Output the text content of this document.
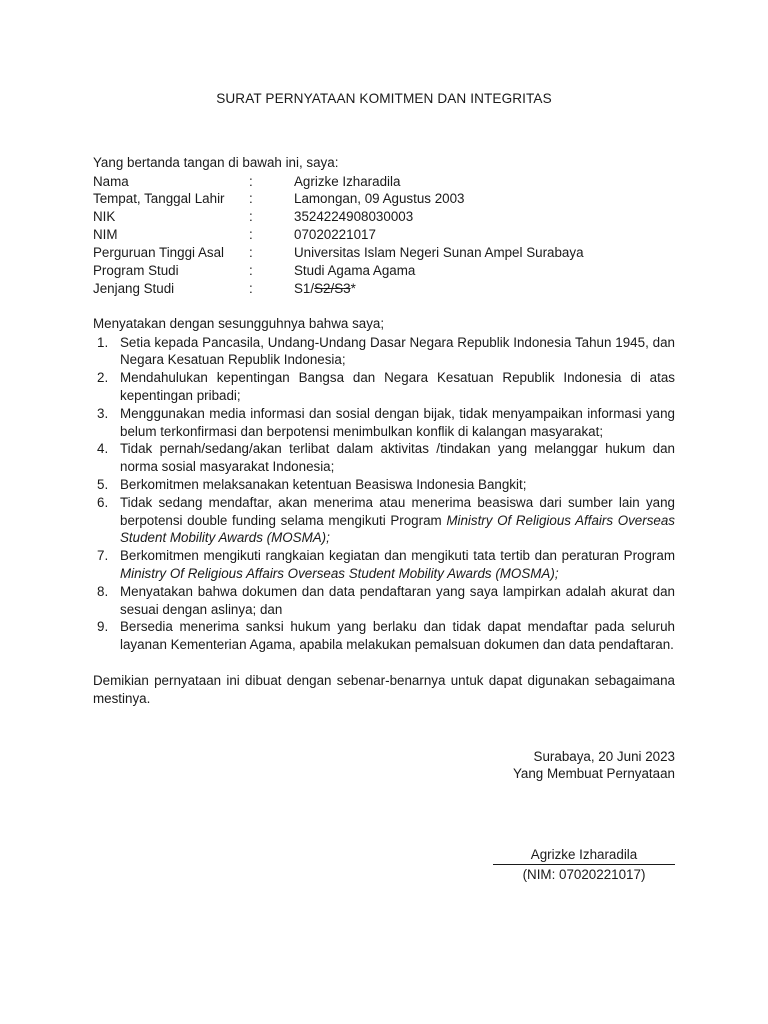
SURAT PERNYATAAN KOMITMEN DAN INTEGRITAS
Yang bertanda tangan di bawah ini, saya:
Nama	:	Agrizke Izharadila
Tempat, Tanggal Lahir	:	Lamongan, 09 Agustus 2003
NIK	:	3524224908030003
NIM	:	07020221017
Perguruan Tinggi Asal	:	Universitas Islam Negeri Sunan Ampel Surabaya
Program Studi	:	Studi Agama Agama
Jenjang Studi	:	S1/S2/S3*
Menyatakan dengan sesungguhnya bahwa saya;
1. Setia kepada Pancasila, Undang-Undang Dasar Negara Republik Indonesia Tahun 1945, dan Negara Kesatuan Republik Indonesia;
2. Mendahulukan kepentingan Bangsa dan Negara Kesatuan Republik Indonesia di atas kepentingan pribadi;
3. Menggunakan media informasi dan sosial dengan bijak, tidak menyampaikan informasi yang belum terkonfirmasi dan berpotensi menimbulkan konflik di kalangan masyarakat;
4. Tidak pernah/sedang/akan terlibat dalam aktivitas /tindakan yang melanggar hukum dan norma sosial masyarakat Indonesia;
5. Berkomitmen melaksanakan ketentuan Beasiswa Indonesia Bangkit;
6. Tidak sedang mendaftar, akan menerima atau menerima beasiswa dari sumber lain yang berpotensi double funding selama mengikuti Program Ministry Of Religious Affairs Overseas Student Mobility Awards (MOSMA);
7. Berkomitmen mengikuti rangkaian kegiatan dan mengikuti tata tertib dan peraturan Program Ministry Of Religious Affairs Overseas Student Mobility Awards (MOSMA);
8. Menyatakan bahwa dokumen dan data pendaftaran yang saya lampirkan adalah akurat dan sesuai dengan aslinya; dan
9. Bersedia menerima sanksi hukum yang berlaku dan tidak dapat mendaftar pada seluruh layanan Kementerian Agama, apabila melakukan pemalsuan dokumen dan data pendaftaran.
Demikian pernyataan ini dibuat dengan sebenar-benarnya untuk dapat digunakan sebagaimana mestinya.
Surabaya, 20 Juni 2023
Yang Membuat Pernyataan
Agrizke Izharadila
(NIM: 07020221017)
